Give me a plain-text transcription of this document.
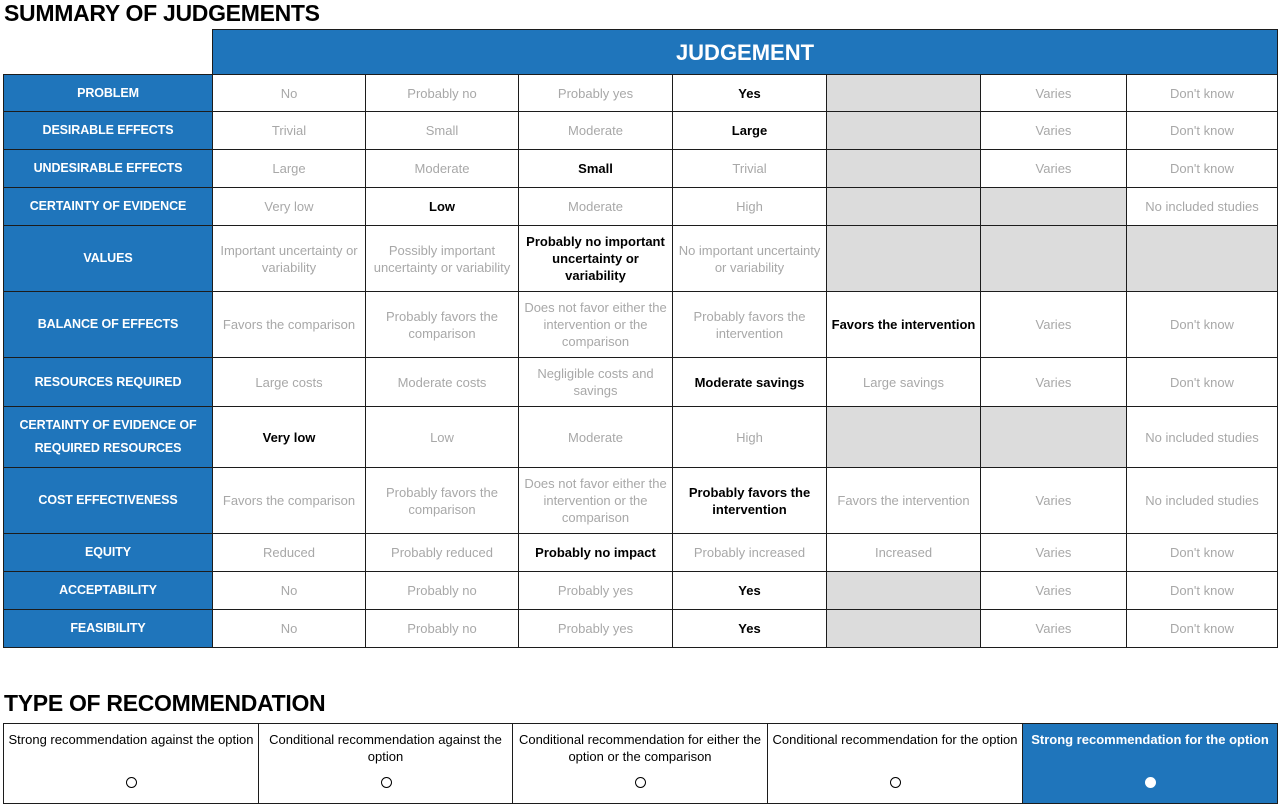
SUMMARY OF JUDGEMENTS
	JUDGEMENT						
PROBLEM	No	Probably no	Probably yes	Yes		Varies	Don't know
DESIRABLE EFFECTS	Trivial	Small	Moderate	Large		Varies	Don't know
UNDESIRABLE EFFECTS	Large	Moderate	Small	Trivial		Varies	Don't know
CERTAINTY OF EVIDENCE	Very low	Low	Moderate	High			No included studies
VALUES	Important uncertainty or variability	Possibly important uncertainty or variability	Probably no important uncertainty or variability	No important uncertainty or variability			
BALANCE OF EFFECTS	Favors the comparison	Probably favors the comparison	Does not favor either the intervention or the comparison	Probably favors the intervention	Favors the intervention	Varies	Don't know
RESOURCES REQUIRED	Large costs	Moderate costs	Negligible costs and savings	Moderate savings	Large savings	Varies	Don't know
CERTAINTY OF EVIDENCE OF REQUIRED RESOURCES	Very low	Low	Moderate	High			No included studies
COST EFFECTIVENESS	Favors the comparison	Probably favors the comparison	Does not favor either the intervention or the comparison	Probably favors the intervention	Favors the intervention	Varies	No included studies
EQUITY	Reduced	Probably reduced	Probably no impact	Probably increased	Increased	Varies	Don't know
ACCEPTABILITY	No	Probably no	Probably yes	Yes		Varies	Don't know
FEASIBILITY	No	Probably no	Probably yes	Yes		Varies	Don't know
TYPE OF RECOMMENDATION
Strong recommendation against the option	Conditional recommendation against the option

Conditional recommendation for either the option or the comparison

Conditional recommendation for the option	Strong recommendation for the option
